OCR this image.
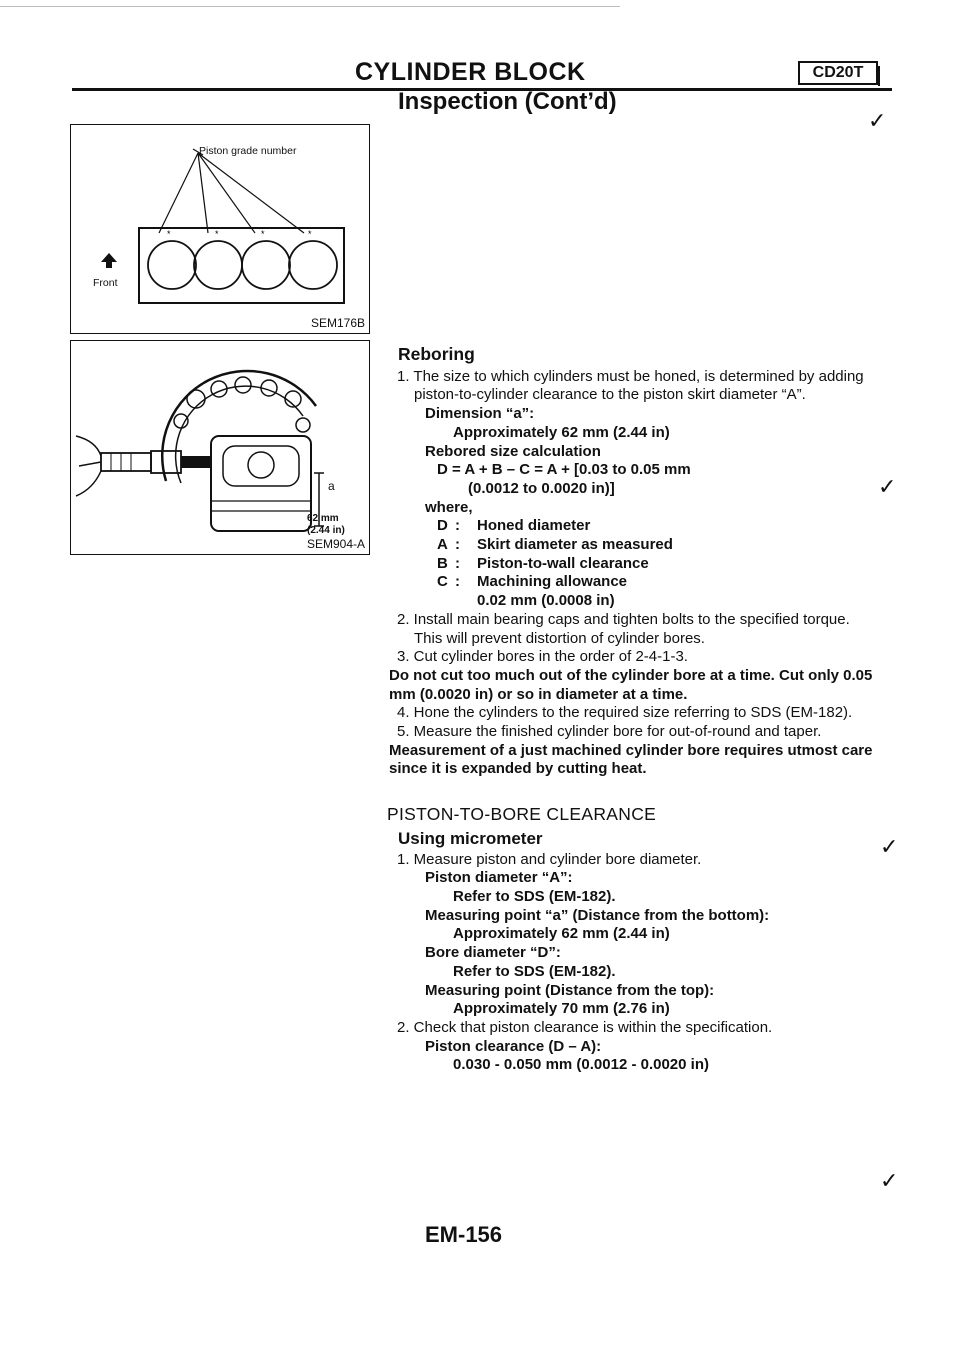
CYLINDER BLOCK	CD20T
Inspection (Cont’d)
✓
*	*	*	*
Piston grade number
Front
SEM176B
a
62 mm
(2.44 in)
SEM904-A
✓
✓
✓

Reboring

1. The size to which cylinders must be honed, is determined by adding piston-to-cylinder clearance to the piston skirt diameter “A”.

Dimension “a”:

Approximately 62 mm (2.44 in)

Rebored size calculation

D = A + B – C = A + [0.03 to 0.05 mm

(0.0012 to 0.0020 in)]

where,

D :	Honed diameter
A :	Skirt diameter as measured
B :	Piston-to-wall clearance
C :	Machining allowance

0.02 mm (0.0008 in)

2. Install main bearing caps and tighten bolts to the specified torque. This will prevent distortion of cylinder bores.

3. Cut cylinder bores in the order of 2-4-1-3.

Do not cut too much out of the cylinder bore at a time. Cut only 0.05 mm (0.0020 in) or so in diameter at a time.

4. Hone the cylinders to the required size referring to SDS (EM-182).

5. Measure the finished cylinder bore for out-of-round and taper.

Measurement of a just machined cylinder bore requires utmost care since it is expanded by cutting heat.

PISTON-TO-BORE CLEARANCE

Using micrometer

1. Measure piston and cylinder bore diameter.

Piston diameter “A”:

Refer to SDS (EM-182).

Measuring point “a” (Distance from the bottom):

Approximately 62 mm (2.44 in)

Bore diameter “D”:

Refer to SDS (EM-182).

Measuring point (Distance from the top):

Approximately 70 mm (2.76 in)

2. Check that piston clearance is within the specification.

Piston clearance (D – A):

0.030 - 0.050 mm (0.0012 - 0.0020 in)

EM-156
